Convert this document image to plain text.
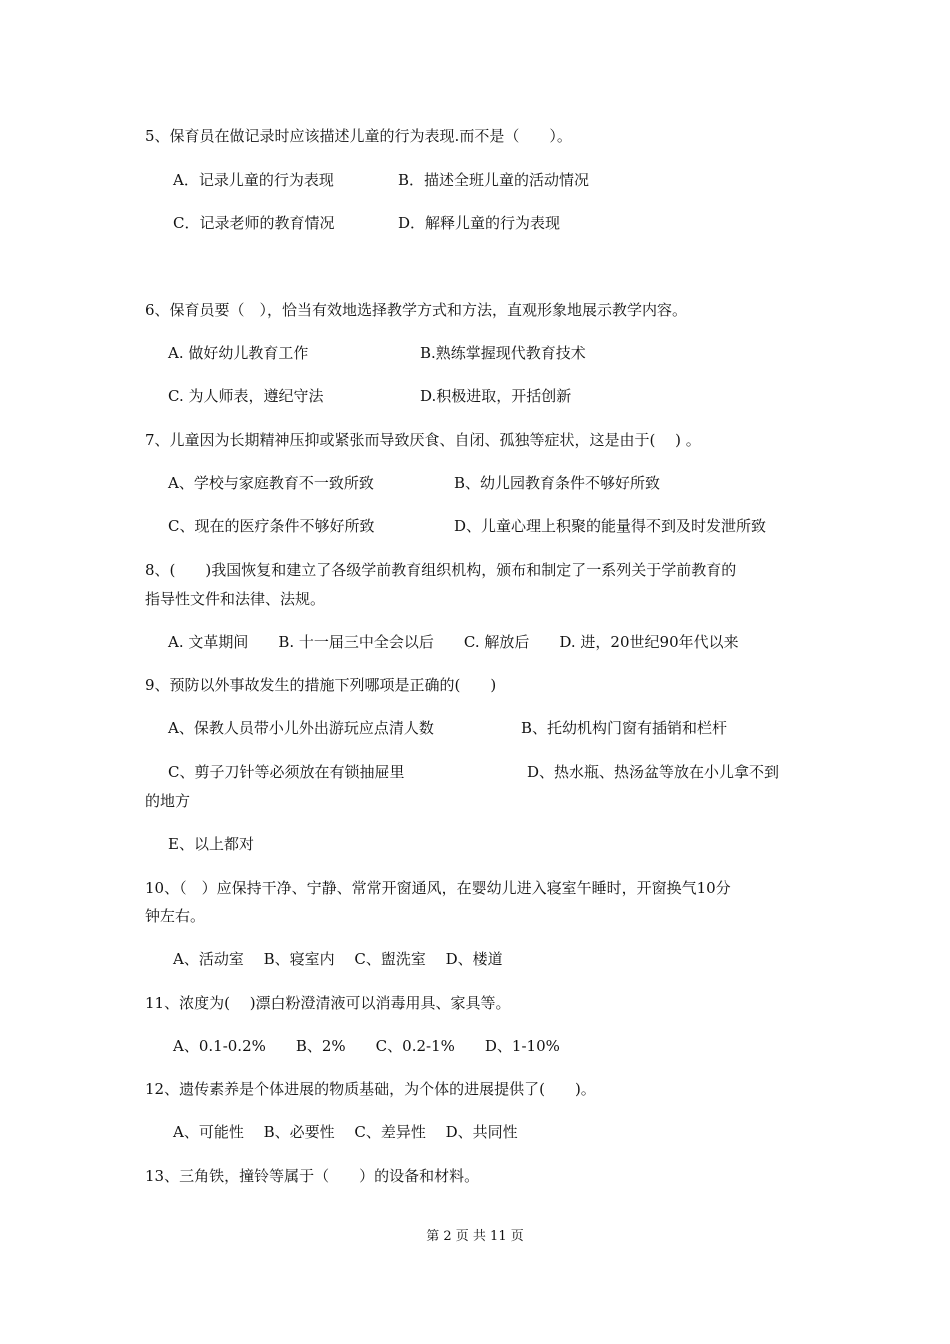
5、保育员在做记录时应该描述儿童的行为表现.而不是（　　）。
A．记录儿童的行为表现	B．描述全班儿童的活动情况
C．记录老师的教育情况	D．解释儿童的行为表现
6、保育员要（　），恰当有效地选择教学方式和方法，直观形象地展示教学内容。
A. 做好幼儿教育工作	B.熟练掌握现代教育技术
C. 为人师表，遵纪守法	D.积极进取，开括创新
7、儿童因为长期精神压抑或紧张而导致厌食、自闭、孤独等症状，这是由于(　 ) 。
A、学校与家庭教育不一致所致	B、幼儿园教育条件不够好所致
C、现在的医疗条件不够好所致	D、儿童心理上积聚的能量得不到及时发泄所致
8、(　　)我国恢复和建立了各级学前教育组织机构，颁布和制定了一系列关于学前教育的
指导性文件和法律、法规。
A. 文革期间　　B. 十一届三中全会以后　　C. 解放后　　D. 进，20世纪90年代以来
9、预防以外事故发生的措施下列哪项是正确的(　　)
A、保教人员带小儿外出游玩应点清人数	B、托幼机构门窗有插销和栏杆
C、剪子刀针等必须放在有锁抽屉里	D、热水瓶、热汤盆等放在小儿拿不到
的地方
E、以上都对
10、（　）应保持干净、宁静、常常开窗通风，在婴幼儿进入寝室午睡时，开窗换气10分
钟左右。
A、活动室　 B、寝室内　 C、盥洗室　 D、楼道
11、浓度为(　 )漂白粉澄清液可以消毒用具、家具等。
A、0.1-0.2%　　B、2%　　C、0.2-1%　　D、1-10%
12、遗传素养是个体进展的物质基础，为个体的进展提供了(　　)。
A、可能性　 B、必要性　 C、差异性　 D、共同性
13、三角铁，撞铃等属于（　　）的设备和材料。
第 2 页 共 11 页
